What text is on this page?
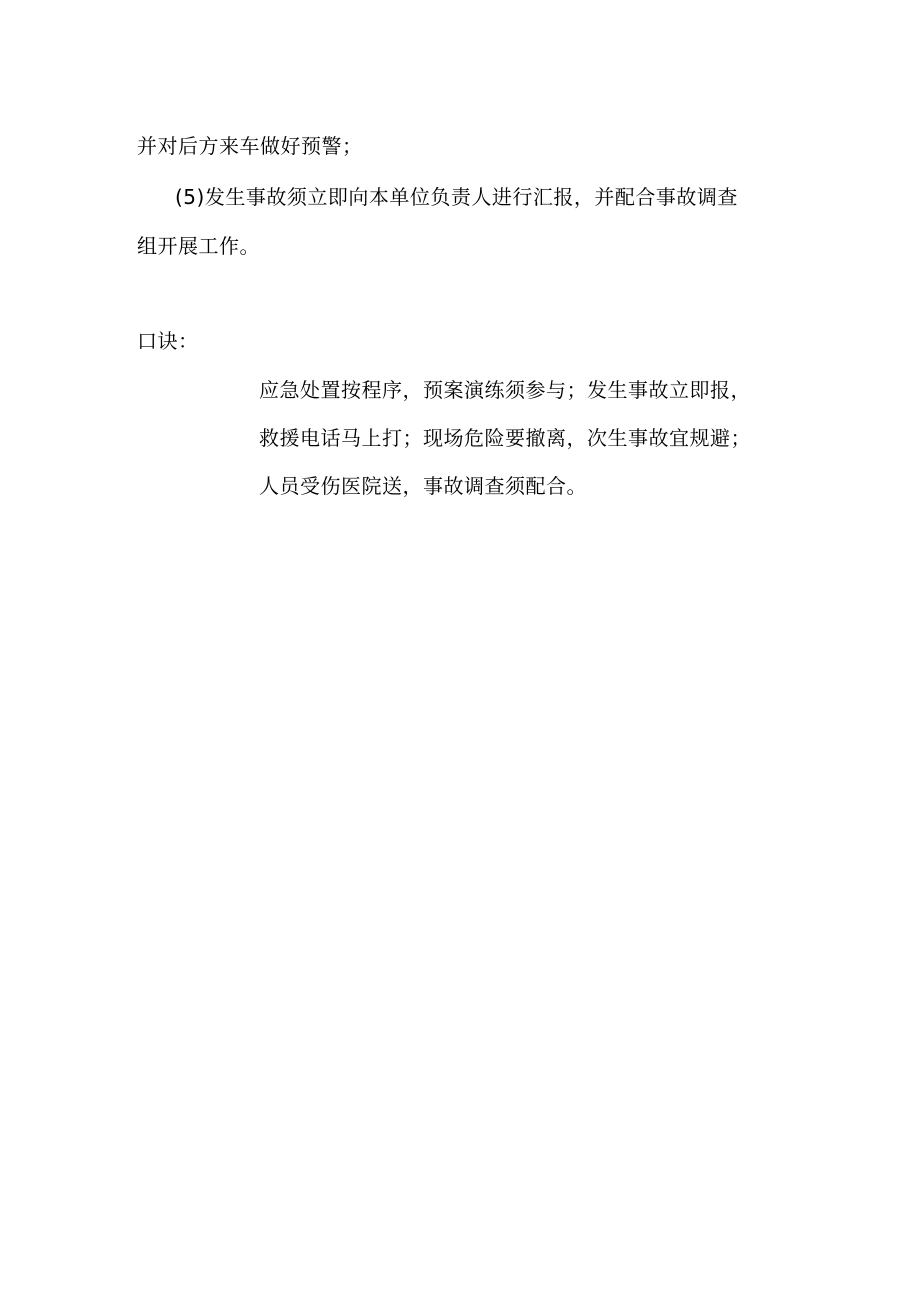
并对后方来车做好预警；
(5)发生事故须立即向本单位负责人进行汇报，并配合事故调查
组开展工作。
口诀：
应急处置按程序，预案演练须参与；发生事故立即报，
救援电话马上打；现场危险要撤离，次生事故宜规避；
人员受伤医院送，事故调查须配合。
